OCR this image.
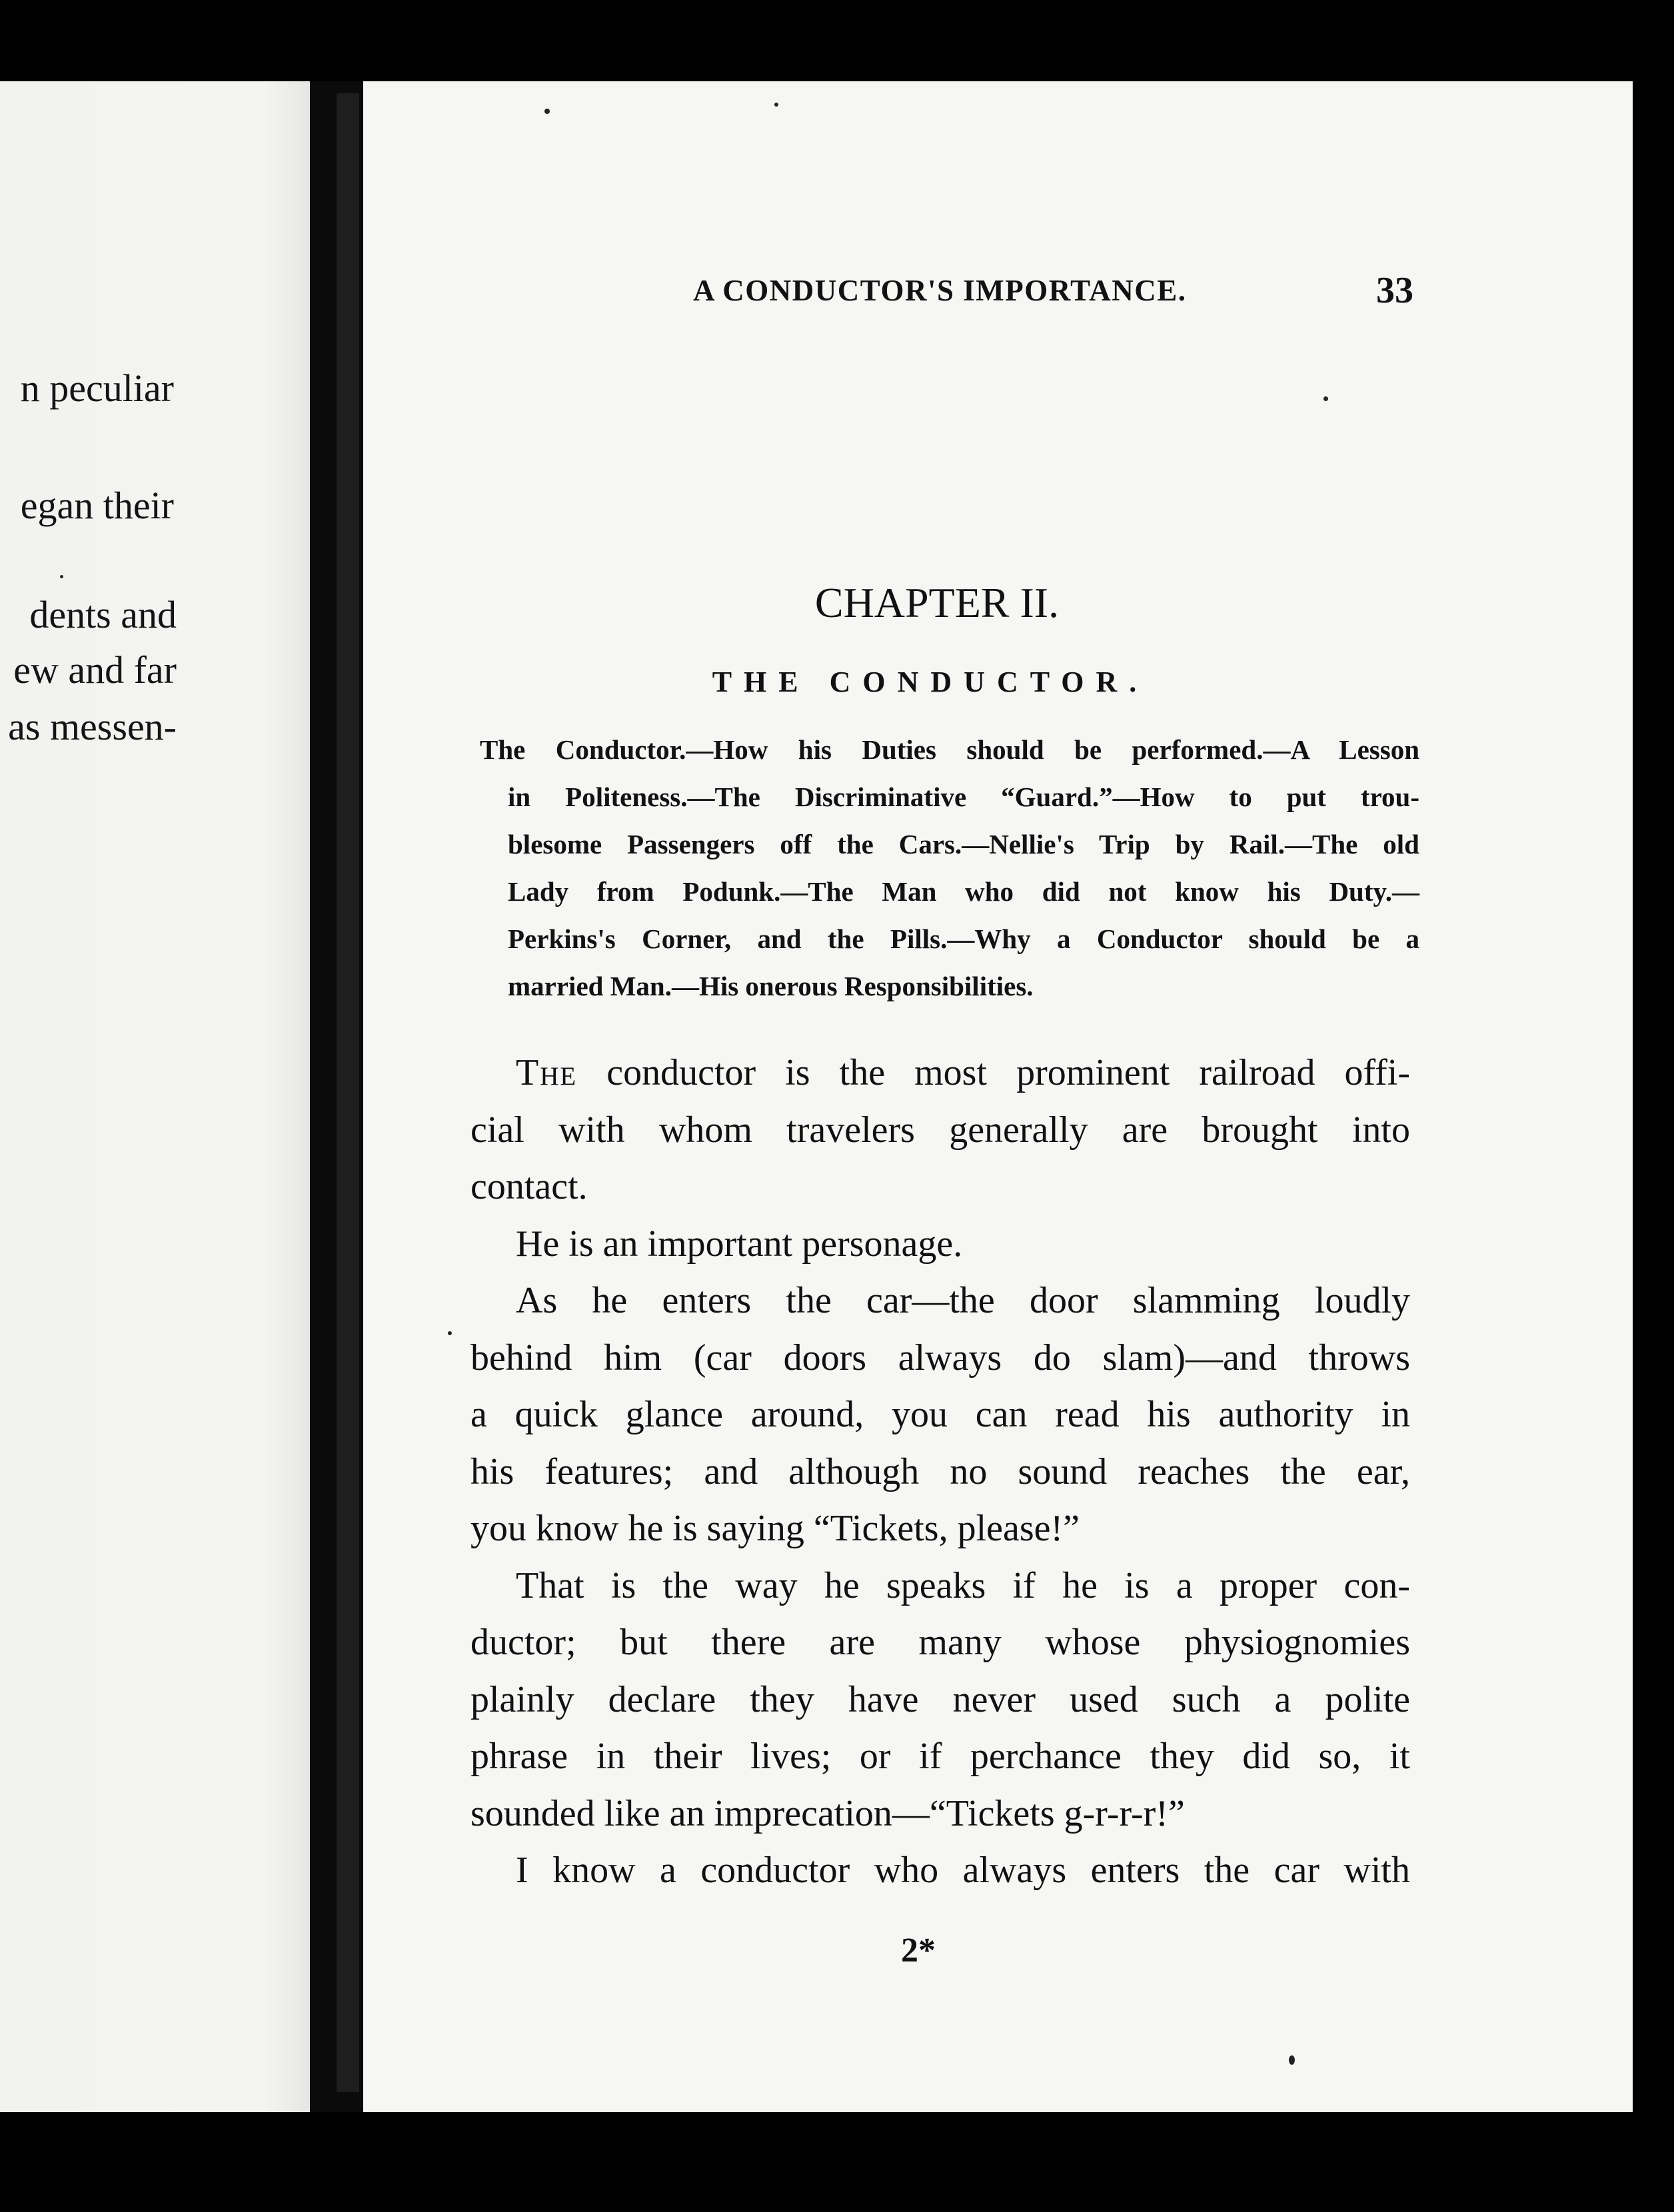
n peculiar
egan their
dents and
ew and far
as messen-
A CONDUCTOR'S IMPORTANCE.	33
CHAPTER II.
THE CONDUCTOR.
The Conductor.—How his Duties should be performed.—A Lesson
in Politeness.—The Discriminative “Guard.”—How to put trou-
blesome Passengers off the Cars.—Nellie's Trip by Rail.—The old
Lady from Podunk.—The Man who did not know his Duty.—
Perkins's Corner, and the Pills.—Why a Conductor should be a
married Man.—His onerous Responsibilities.
The conductor is the most prominent railroad offi-
cial with whom travelers generally are brought into
contact.
He is an important personage.
As he enters the car—the door slamming loudly
behind him (car doors always do slam)—and throws
a quick glance around, you can read his authority in
his features; and although no sound reaches the ear,
you know he is saying “Tickets, please!”
That is the way he speaks if he is a proper con-
ductor; but there are many whose physiognomies
plainly declare they have never used such a polite
phrase in their lives; or if perchance they did so, it
sounded like an imprecation—“Tickets g-r-r-r!”
I know a conductor who always enters the car with
2*
